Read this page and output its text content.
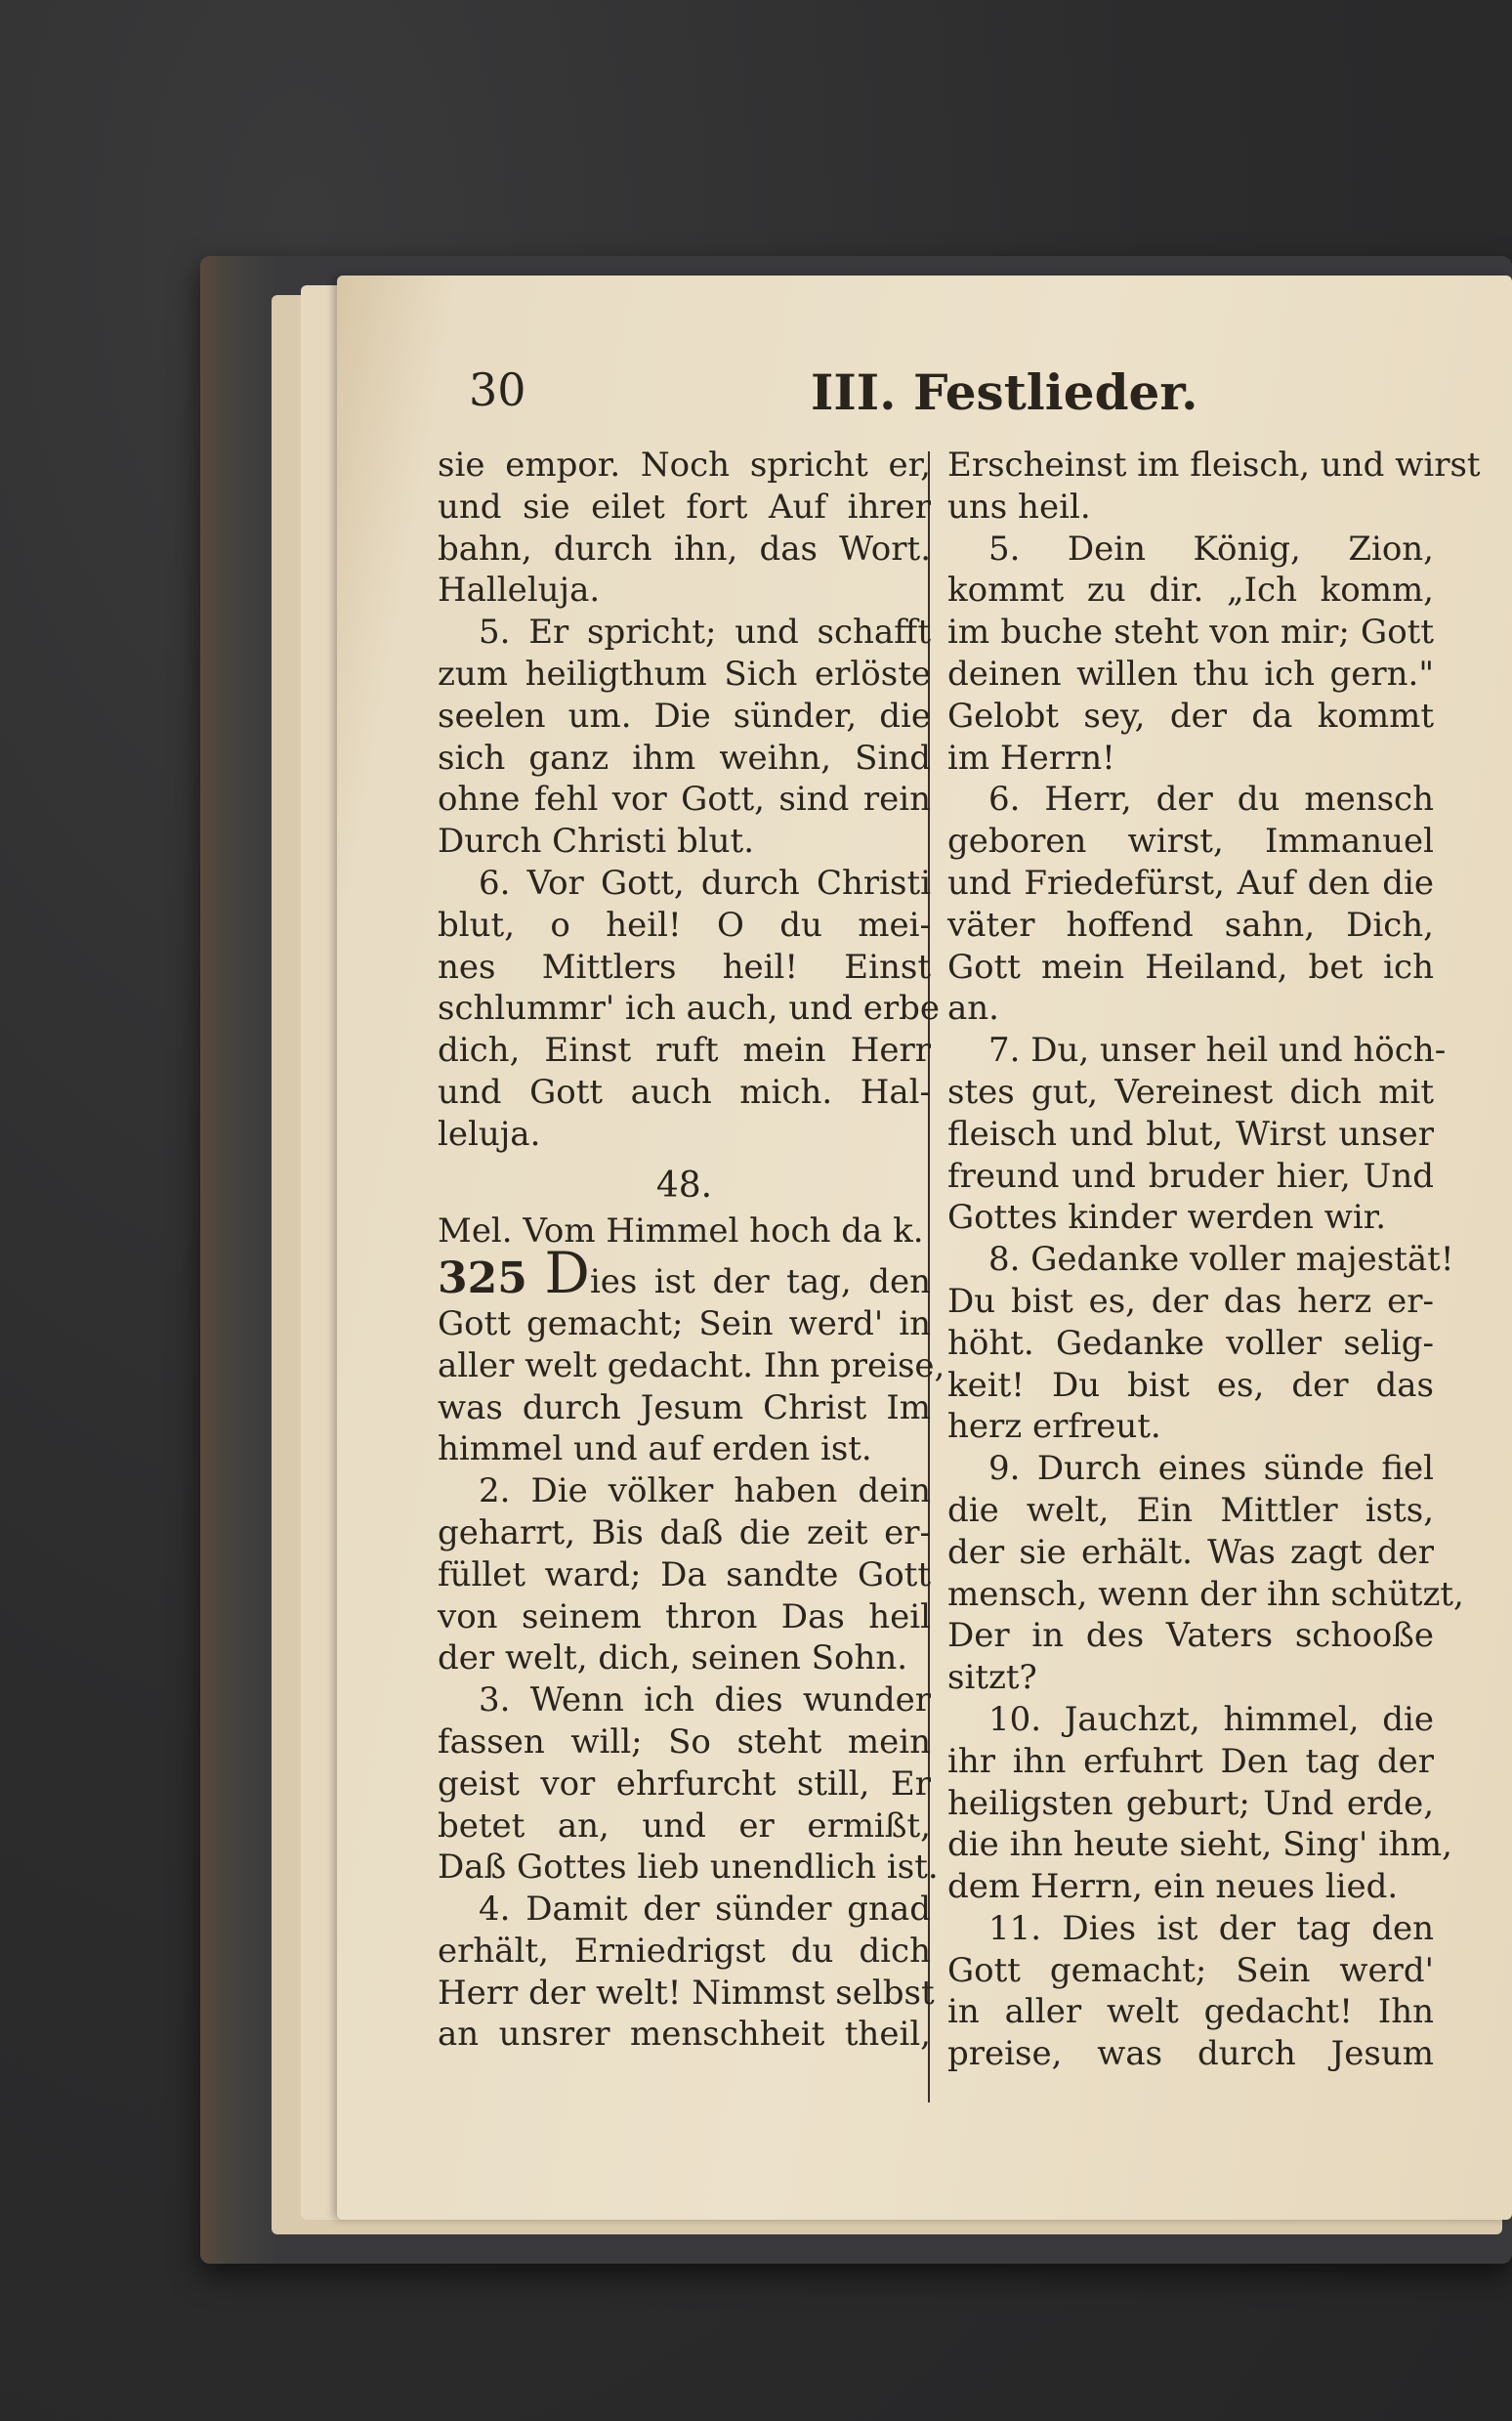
30	III. Festlieder.
sie empor. Noch spricht er,
und sie eilet fort Auf ihrer
bahn, durch ihn, das Wort.
Halleluja.
5. Er spricht; und schafft
zum heiligthum Sich erlöste
seelen um. Die sünder, die
sich ganz ihm weihn, Sind
ohne fehl vor Gott, sind rein
Durch Christi blut.
6. Vor Gott, durch Christi
blut, o heil! O du mei-
nes Mittlers heil! Einst
schlummr' ich auch, und erbe
dich, Einst ruft mein Herr
und Gott auch mich. Hal-
leluja.
48.
Mel. Vom Himmel hoch da k.
325 Dies ist der tag, den
Gott gemacht; Sein werd' in
aller welt gedacht. Ihn preise,
was durch Jesum Christ Im
himmel und auf erden ist.
2. Die völker haben dein
geharrt, Bis daß die zeit er-
füllet ward; Da sandte Gott
von seinem thron Das heil
der welt, dich, seinen Sohn.
3. Wenn ich dies wunder
fassen will; So steht mein
geist vor ehrfurcht still, Er
betet an, und er ermißt,
Daß Gottes lieb unendlich ist.
4. Damit der sünder gnad
erhält, Erniedrigst du dich
Herr der welt! Nimmst selbst
an unsrer menschheit theil,
Erscheinst im fleisch, und wirst
uns heil.
5. Dein König, Zion,
kommt zu dir. „Ich komm,
im buche steht von mir; Gott
deinen willen thu ich gern."
Gelobt sey, der da kommt
im Herrn!
6. Herr, der du mensch
geboren wirst, Immanuel
und Friedefürst, Auf den die
väter hoffend sahn, Dich,
Gott mein Heiland, bet ich
an.
7. Du, unser heil und höch-
stes gut, Vereinest dich mit
fleisch und blut, Wirst unser
freund und bruder hier, Und
Gottes kinder werden wir.
8. Gedanke voller majestät!
Du bist es, der das herz er-
höht. Gedanke voller selig-
keit! Du bist es, der das
herz erfreut.
9. Durch eines sünde fiel
die welt, Ein Mittler ists,
der sie erhält. Was zagt der
mensch, wenn der ihn schützt,
Der in des Vaters schooße
sitzt?
10. Jauchzt, himmel, die
ihr ihn erfuhrt Den tag der
heiligsten geburt; Und erde,
die ihn heute sieht, Sing' ihm,
dem Herrn, ein neues lied.
11. Dies ist der tag den
Gott gemacht; Sein werd'
in aller welt gedacht! Ihn
preise, was durch Jesum
